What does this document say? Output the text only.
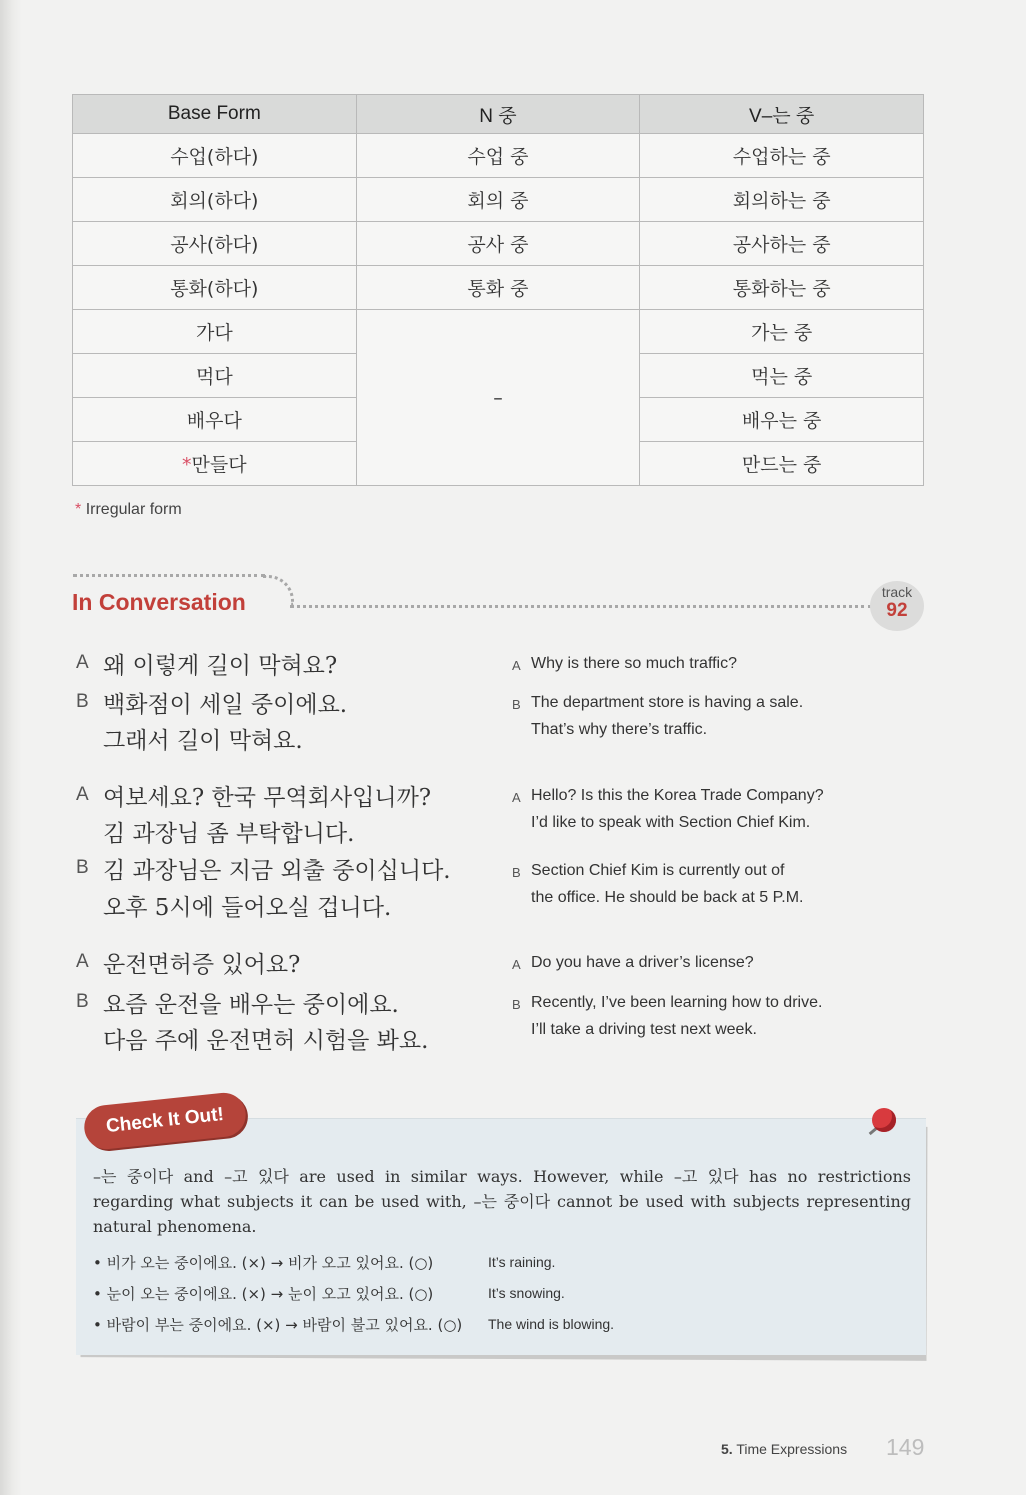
Base Form	N 중	V–는 중
수업(하다)	수업 중	수업하는 중
회의(하다)	회의 중	회의하는 중
공사(하다)	공사 중	공사하는 중
통화(하다)	통화 중	통화하는 중
가다	–	가는 중
먹다		먹는 중
배우다		배우는 중
*만들다		만드는 중
* Irregular form
In Conversation	track
92
A 왜 이렇게 길이 막혀요?
B 백화점이 세일 중이에요.
그래서 길이 막혀요.
A Why is there so much traffic?
B The department store is having a sale.
That’s why there’s traffic.
A 여보세요? 한국 무역회사입니까?
김 과장님 좀 부탁합니다.
B 김 과장님은 지금 외출 중이십니다.
오후 5시에 들어오실 겁니다.
A Hello? Is this the Korea Trade Company?
I’d like to speak with Section Chief Kim.
B Section Chief Kim is currently out of
the office. He should be back at 5 P.M.
A 운전면허증 있어요?
B 요즘 운전을 배우는 중이에요.
다음 주에 운전면허 시험을 봐요.
A Do you have a driver’s license?
B Recently, I’ve been learning how to drive.
I’ll take a driving test next week.
Check It Out!
–는 중이다 and –고 있다 are used in similar ways. However, while –고 있다 has no restrictions regarding what subjects it can be used with, –는 중이다 cannot be used with subjects representing natural phenomena.
• 비가 오는 중이에요. (×) → 비가 오고 있어요. (○)	It’s raining.
• 눈이 오는 중이에요. (×) → 눈이 오고 있어요. (○)	It’s snowing.
• 바람이 부는 중이에요. (×) → 바람이 불고 있어요. (○) The wind is blowing.
5. Time Expressions 149
